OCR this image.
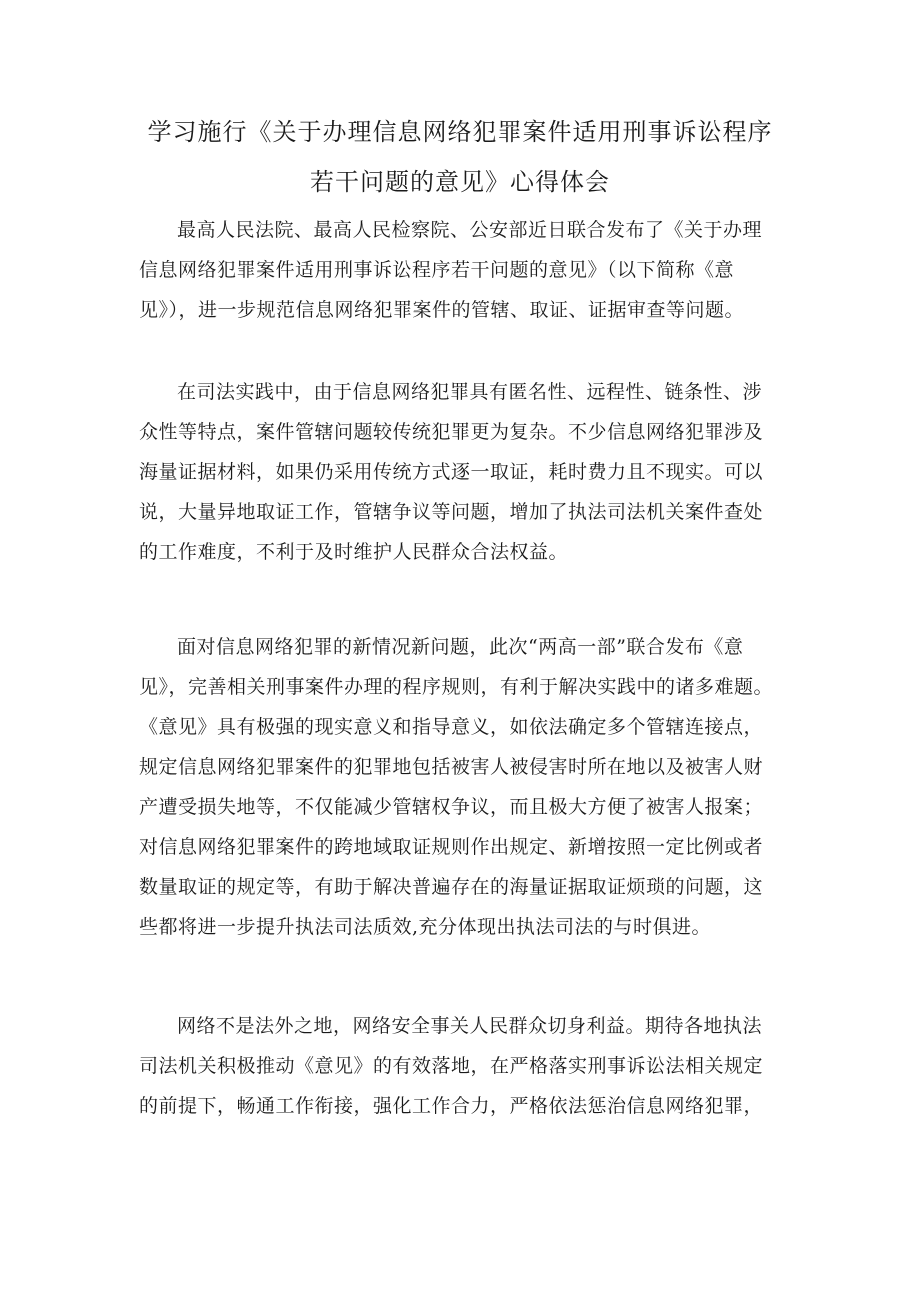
学习施行《关于办理信息网络犯罪案件适用刑事诉讼程序
若干问题的意见》心得体会

最高人民法院、最高人民检察院、公安部近日联合发布了《关于办理
信息网络犯罪案件适用刑事诉讼程序若干问题的意见》（以下简称《意
见》），进一步规范信息网络犯罪案件的管辖、取证、证据审查等问题。

在司法实践中，由于信息网络犯罪具有匿名性、远程性、链条性、涉
众性等特点，案件管辖问题较传统犯罪更为复杂。不少信息网络犯罪涉及
海量证据材料，如果仍采用传统方式逐一取证，耗时费力且不现实。可以
说，大量异地取证工作，管辖争议等问题，增加了执法司法机关案件查处
的工作难度，不利于及时维护人民群众合法权益。

面对信息网络犯罪的新情况新问题，此次“两高一部”联合发布《意
见》，完善相关刑事案件办理的程序规则，有利于解决实践中的诸多难题。
《意见》具有极强的现实意义和指导意义，如依法确定多个管辖连接点，
规定信息网络犯罪案件的犯罪地包括被害人被侵害时所在地以及被害人财
产遭受损失地等，不仅能减少管辖权争议，而且极大方便了被害人报案；
对信息网络犯罪案件的跨地域取证规则作出规定、新增按照一定比例或者
数量取证的规定等，有助于解决普遍存在的海量证据取证烦琐的问题，这
些都将进一步提升执法司法质效,充分体现出执法司法的与时俱进。

网络不是法外之地，网络安全事关人民群众切身利益。期待各地执法
司法机关积极推动《意见》的有效落地，在严格落实刑事诉讼法相关规定
的前提下，畅通工作衔接，强化工作合力，严格依法惩治信息网络犯罪，
